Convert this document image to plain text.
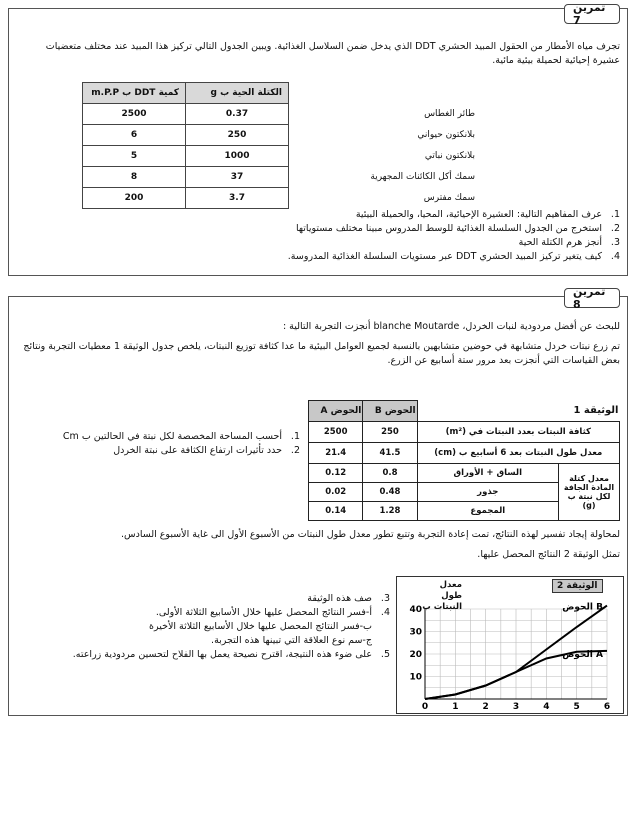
تمرين 7
تجرف مياه الأمطار من الحقول المبيد الحشري DDT الذي يدخل ضمن السلاسل الغذائية. ويبين الجدول التالي تركيز هذا المبيد عند مختلف متعضيات عشيرة إحيائية لحميلة بيئية مائية.
	الكتلة الحية ب g	كمية DDT ب m.P.P
طائر الغطاس	0.37	2500
بلانكتون حيواني	250	6
بلانكتون نباتي	1000	5
سمك أكل الكائنات المجهرية	37	8
سمك مفترس	3.7	200
1.
عرف المفاهيم التالية: العشيرة الإحيائية، المحيا، والحميلة البيئية
2.
استخرج من الجدول السلسلة الغذائية للوسط المدروس مبينا مختلف مستوياتها
3.
أنجز هرم الكتلة الحية
4.
كيف يتغير تركيز المبيد الحشري DDT عبر مستويات السلسلة الغذائية المدروسة.
تمرين 8
للبحث عن أفضل مردودية لنبات الخردل، blanche Moutarde أنجزت التجربة التالية :
تم زرع نبتات خردل متشابهة في حوضين متشابهين بالنسبة لجميع العوامل البيئية ما عدا كثافة توزيع النبتات، يلخص جدول الوثيقة 1 معطيات التجربة ونتائج بعض القياسات التي أنجزت بعد مرور ستة أسابيع عن الزرع.
الوثيقة 1		الحوض B	الحوض A
كثافة النبتات بعدد النبتات في (m²)		250	2500
معدل طول النبتات بعد 6 أسابيع ب (cm)		41.5	21.4
معدل كتلة المادة الجافة لكل نبتة ب (g)	الساق + الأوراق	0.8	0.12
	جذور	0.48	0.02
	المجموع	1.28	0.14
1.
أحسب المساحة المخصصة لكل نبتة في الحالتين ب Cm
2.
حدد تأثيرات ارتفاع الكثافة على نبتة الخردل
لمحاولة إيجاد تفسير لهذه النتائج، تمت إعادة التجربة وتتبع تطور معدل طول النبتات من الأسبوع الأول الى غاية الأسبوع السادس.
تمثل الوثيقة 2 النتائج المحصل عليها.
10
20
30
40
0	1	2	3	4	5	6
الحوض B
الحوض A
الوثيقة 2
معدل طول النبتات ب
3.
صف هذه الوثيقة
4.
أ-فسر النتائج المحصل عليها خلال الأسابيع الثلاثة الأولى.
ب-فسر النتائج المحصل عليها خلال الأسابيع الثلاثة الأخيرة
ج-سم نوع العلاقة التي تبينها هذه التجربة.
5.
على ضوء هذه النتيجة، اقترح نصيحة يعمل بها الفلاح لتحسين مردودية زراعته.
